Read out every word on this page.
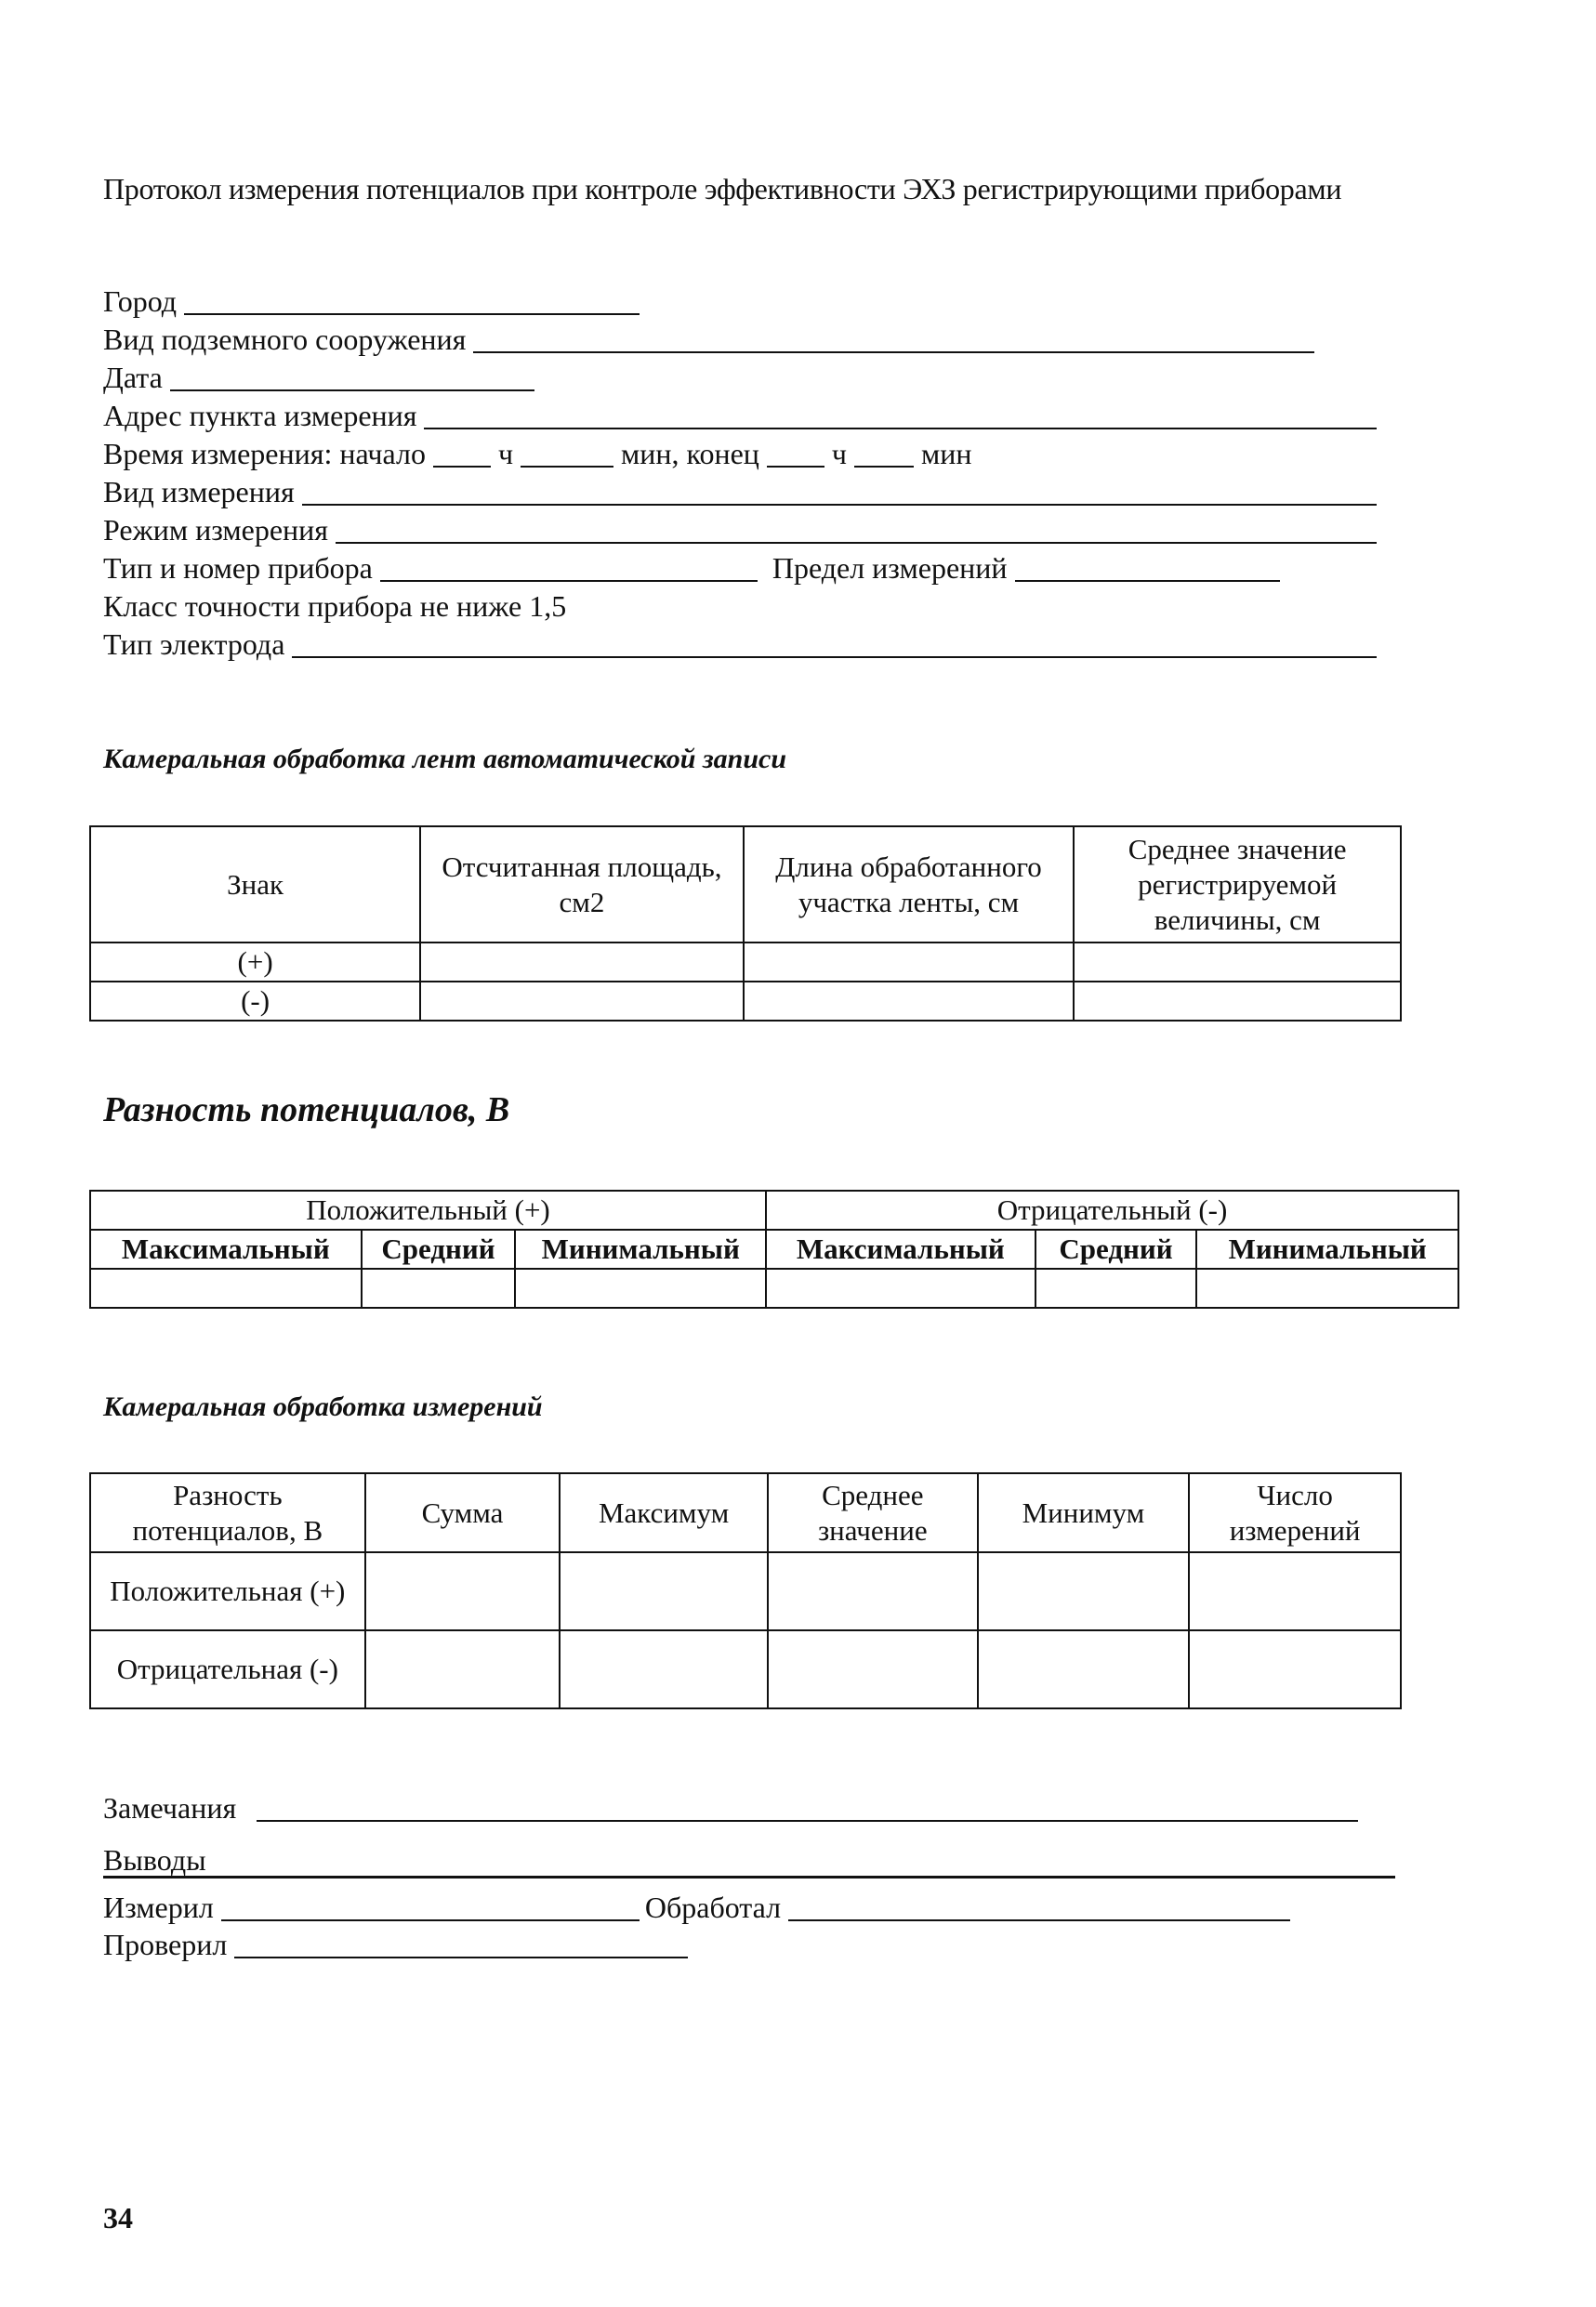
Протокол измерения потенциалов при контроле эффективности ЭХЗ регистрирующими приборами
Город
Вид подземного сооружения
Дата
Адрес пункта измерения
Время измерения: начало ч	мин, конец ч	мин
Вид измерения
Режим измерения
Тип и номер прибора	Предел измерений
Класс точности прибора не ниже 1,5
Тип электрода
Камеральная обработка лент автоматической записи
Знак	Отсчитанная площадь, см2	Длина обработанного участка ленты, см	Среднее значение регистрируемой величины, см
(+)			
(-)			
Разность потенциалов, В
Положительный (+)			Отрицательный (-)		
Максимальный	Средний	Минимальный	Максимальный	Средний	Минимальный

Камеральная обработка измерений
Разность потенциалов, В	Сумма	Максимум	Среднее значение	Минимум	Число измерений
Положительная (+)					
Отрицательная (-)					
Замечания
Выводы
Измерил	Обработал
Проверил
34
